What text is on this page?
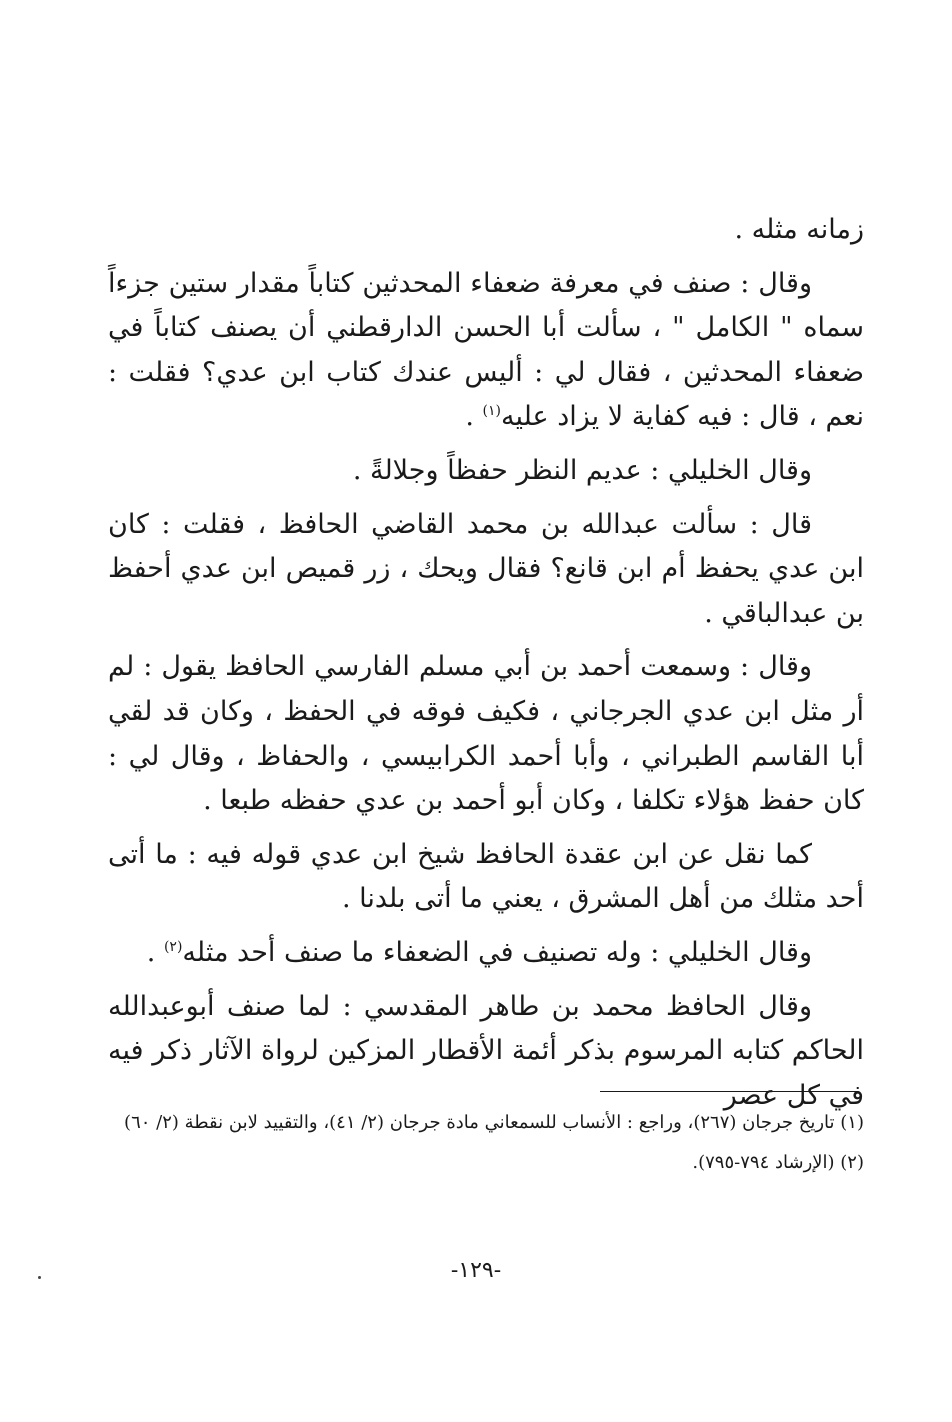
زمانه مثله .

وقال : صنف في معرفة ضعفاء المحدثين كتاباً مقدار ستين جزءاً سماه " الكامل " ، سألت أبا الحسن الدارقطني أن يصنف كتاباً في ضعفاء المحدثين ، فقال لي : أليس عندك كتاب ابن عدي؟ فقلت : نعم ، قال : فيه كفاية لا يزاد عليه$^{(١)}$ .

وقال الخليلي : عديم النظر حفظاً وجلالةً .

قال : سألت عبدالله بن محمد القاضي الحافظ ، فقلت : كان ابن عدي يحفظ أم ابن قانع؟ فقال ويحك ، زر قميص ابن عدي أحفظ بن عبدالباقي .

وقال : وسمعت أحمد بن أبي مسلم الفارسي الحافظ يقول : لم أر مثل ابن عدي الجرجاني ، فكيف فوقه في الحفظ ، وكان قد لقي أبا القاسم الطبراني ، وأبا أحمد الكرابيسي ، والحفاظ ، وقال لي : كان حفظ هؤلاء تكلفا ، وكان أبو أحمد بن عدي حفظه طبعا .

كما نقل عن ابن عقدة الحافظ شيخ ابن عدي قوله فيه : ما أتى أحد مثلك من أهل المشرق ، يعني ما أتى بلدنا .

وقال الخليلي : وله تصنيف في الضعفاء ما صنف أحد مثله$^{(٢)}$ .

وقال الحافظ محمد بن طاهر المقدسي : لما صنف أبوعبدالله الحاكم كتابه المرسوم بذكر أئمة الأقطار المزكين لرواة الآثار ذكر فيه في كل عصر

(١) تاريخ جرجان (٢٦٧)، وراجع : الأنساب للسمعاني مادة جرجان (٢/ ٤١)، والتقييد لابن نقطة (٢/ ٦٠)

(٢) (الإرشاد ٧٩٤-٧٩٥).

-١٢٩-
